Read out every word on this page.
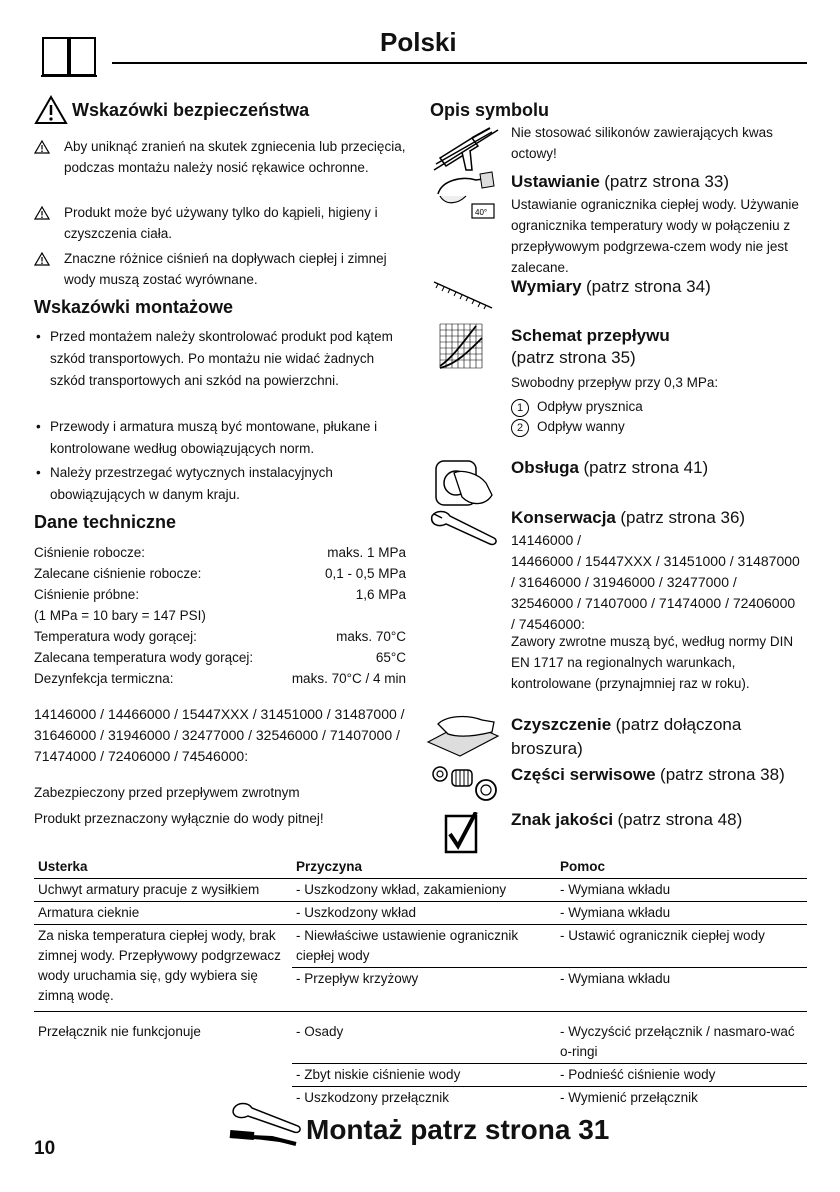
Polski
Wskazówki bezpieczeństwa
Aby uniknąć zranień na skutek zgniecenia lub przecięcia, podczas montażu należy nosić rękawice ochronne.
Produkt może być używany tylko do kąpieli, higieny i czyszczenia ciała.
Znaczne różnice ciśnień na dopływach ciepłej i zimnej wody muszą zostać wyrównane.
Wskazówki montażowe
• Przed montażem należy skontrolować produkt pod kątem szkód transportowych. Po montażu nie widać żadnych szkód transportowych ani szkód na powierzchni.
• Przewody i armatura muszą być montowane, płukane i kontrolowane według obowiązujących norm.
• Należy przestrzegać wytycznych instalacyjnych obowiązujących w danym kraju.
Dane techniczne
Ciśnienie robocze:	maks. 1 MPa
Zalecane ciśnienie robocze:	0,1 - 0,5 MPa
Ciśnienie próbne:	1,6 MPa
(1 MPa = 10 bary = 147 PSI)
Temperatura wody gorącej:	maks. 70°C
Zalecana temperatura wody gorącej:	65°C
Dezynfekcja termiczna:	maks. 70°C / 4 min
14146000 / 14466000 / 15447XXX / 31451000 / 31487000 / 31646000 / 31946000 / 32477000 / 32546000 / 71407000 / 71474000 / 72406000 / 74546000:
Zabezpieczony przed przepływem zwrotnym
Produkt przeznaczony wyłącznie do wody pitnej!
Opis symbolu
Nie stosować silikonów zawierających kwas octowy!
40°
Ustawianie (patrz strona 33)
Ustawianie ogranicznika ciepłej wody. Używanie ogranicznika temperatury wody w połączeniu z przepływowym podgrzewa-czem wody nie jest zalecane.
Wymiary (patrz strona 34)
Schemat przepływu
(patrz strona 35)
Swobodny przepływ przy 0,3 MPa:
1 Odpływ prysznica
2 Odpływ wanny
Obsługa (patrz strona 41)
Konserwacja (patrz strona 36)
14146000 /
14466000 / 15447XXX / 31451000 / 31487000 / 31646000 / 31946000 / 32477000 / 32546000 / 71407000 / 71474000 / 72406000 / 74546000:
Zawory zwrotne muszą być, według normy DIN EN 1717 na regionalnych warunkach, kontrolowane (przynajmniej raz w roku).
Czyszczenie (patrz dołączona broszura)
Części serwisowe (patrz strona 38)
Znak jakości (patrz strona 48)
Usterka	Przyczyna	Pomoc
Uchwyt armatury pracuje z wysiłkiem	- Uszkodzony wkład, zakamieniony	- Wymiana wkładu
Armatura cieknie	- Uszkodzony wkład	- Wymiana wkładu
Za niska temperatura ciepłej wody, brak zimnej wody. Przepływowy podgrzewacz wody uruchamia się, gdy wybiera się zimną wodę.	- Niewłaściwe ustawienie ogranicznik ciepłej wody	- Ustawić ogranicznik ciepłej wody
	- Przepływ krzyżowy	- Wymiana wkładu
Przełącznik nie funkcjonuje	- Osady	- Wyczyścić przełącznik / nasmaro-wać o-ringi
	- Zbyt niskie ciśnienie wody	- Podnieść ciśnienie wody
	- Uszkodzony przełącznik	- Wymienić przełącznik
Montaż patrz strona 31
10
